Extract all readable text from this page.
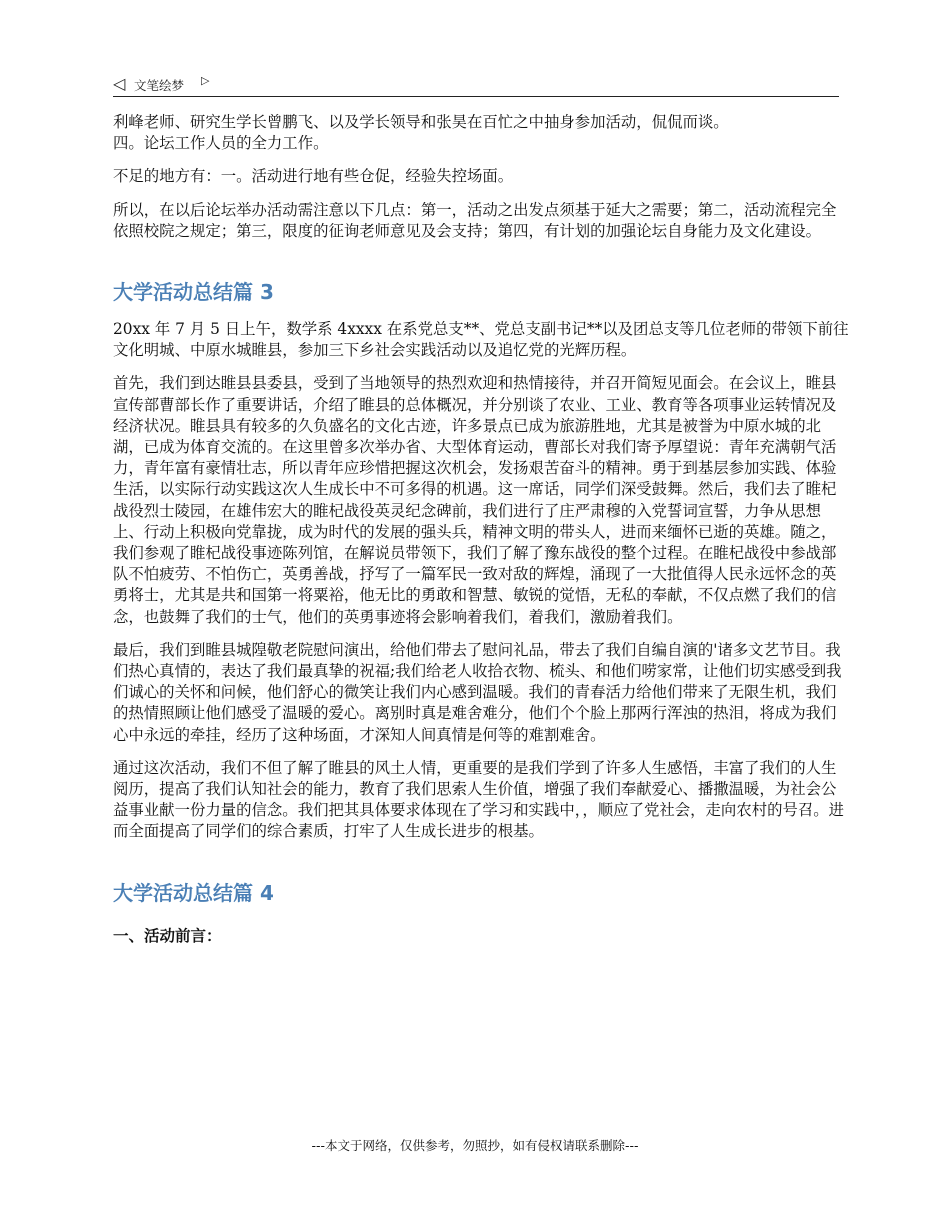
◁ 文笔绘梦 ▷

利峰老师、研究生学长曾鹏飞、以及学长领导和张昊在百忙之中抽身参加活动，侃侃而谈。

四。论坛工作人员的全力工作。

不足的地方有：一。活动进行地有些仓促，经验失控场面。

所以，在以后论坛举办活动需注意以下几点：第一，活动之出发点须基于延大之需要；第二，活动流程完全依照校院之规定；第三，限度的征询老师意见及会支持；第四，有计划的加强论坛自身能力及文化建设。

大学活动总结篇 3

20xx 年 7 月 5 日上午，数学系 4xxxx 在系党总支**、党总支副书记**以及团总支等几位老师的带领下前往文化明城、中原水城睢县，参加三下乡社会实践活动以及追忆党的光辉历程。

首先，我们到达睢县县委县，受到了当地领导的热烈欢迎和热情接待，并召开简短见面会。在会议上，睢县宣传部曹部长作了重要讲话，介绍了睢县的总体概况，并分别谈了农业、工业、教育等各项事业运转情况及经济状况。睢县具有较多的久负盛名的文化古迹，许多景点已成为旅游胜地，尤其是被誉为中原水城的北湖，已成为体育交流的。在这里曾多次举办省、大型体育运动，曹部长对我们寄予厚望说：青年充满朝气活力，青年富有豪情壮志，所以青年应珍惜把握这次机会，发扬艰苦奋斗的精神。勇于到基层参加实践、体验生活，以实际行动实践这次人生成长中不可多得的机遇。这一席话，同学们深受鼓舞。然后，我们去了睢杞战役烈士陵园，在雄伟宏大的睢杞战役英灵纪念碑前，我们进行了庄严肃穆的入党誓词宣誓，力争从思想上、行动上积极向党靠拢，成为时代的发展的强头兵，精神文明的带头人，进而来缅怀已逝的英雄。随之，我们参观了睢杞战役事迹陈列馆，在解说员带领下，我们了解了豫东战役的整个过程。在睢杞战役中参战部队不怕疲劳、不怕伤亡，英勇善战，抒写了一篇军民一致对敌的辉煌，涌现了一大批值得人民永远怀念的英勇将士，尤其是共和国第一将粟裕，他无比的勇敢和智慧、敏锐的觉悟，无私的奉献，不仅点燃了我们的信念，也鼓舞了我们的士气，他们的英勇事迹将会影响着我们，着我们，激励着我们。

最后，我们到睢县城隍敬老院慰问演出，给他们带去了慰问礼品，带去了我们自编自演的'诸多文艺节目。我们热心真情的，表达了我们最真挚的祝福;我们给老人收拾衣物、梳头、和他们唠家常，让他们切实感受到我们诚心的关怀和问候，他们舒心的微笑让我们内心感到温暖。我们的青春活力给他们带来了无限生机，我们的热情照顾让他们感受了温暖的爱心。离别时真是难舍难分，他们个个脸上那两行浑浊的热泪，将成为我们心中永远的牵挂，经历了这种场面，才深知人间真情是何等的难割难舍。

通过这次活动，我们不但了解了睢县的风土人情，更重要的是我们学到了许多人生感悟，丰富了我们的人生阅历，提高了我们认知社会的能力，教育了我们思索人生价值，增强了我们奉献爱心、播撒温暖，为社会公益事业献一份力量的信念。我们把其具体要求体现在了学习和实践中，，顺应了党社会，走向农村的号召。进而全面提高了同学们的综合素质，打牢了人生成长进步的根基。

大学活动总结篇 4
一、活动前言：
---本文于网络，仅供参考，勿照抄，如有侵权请联系删除---
